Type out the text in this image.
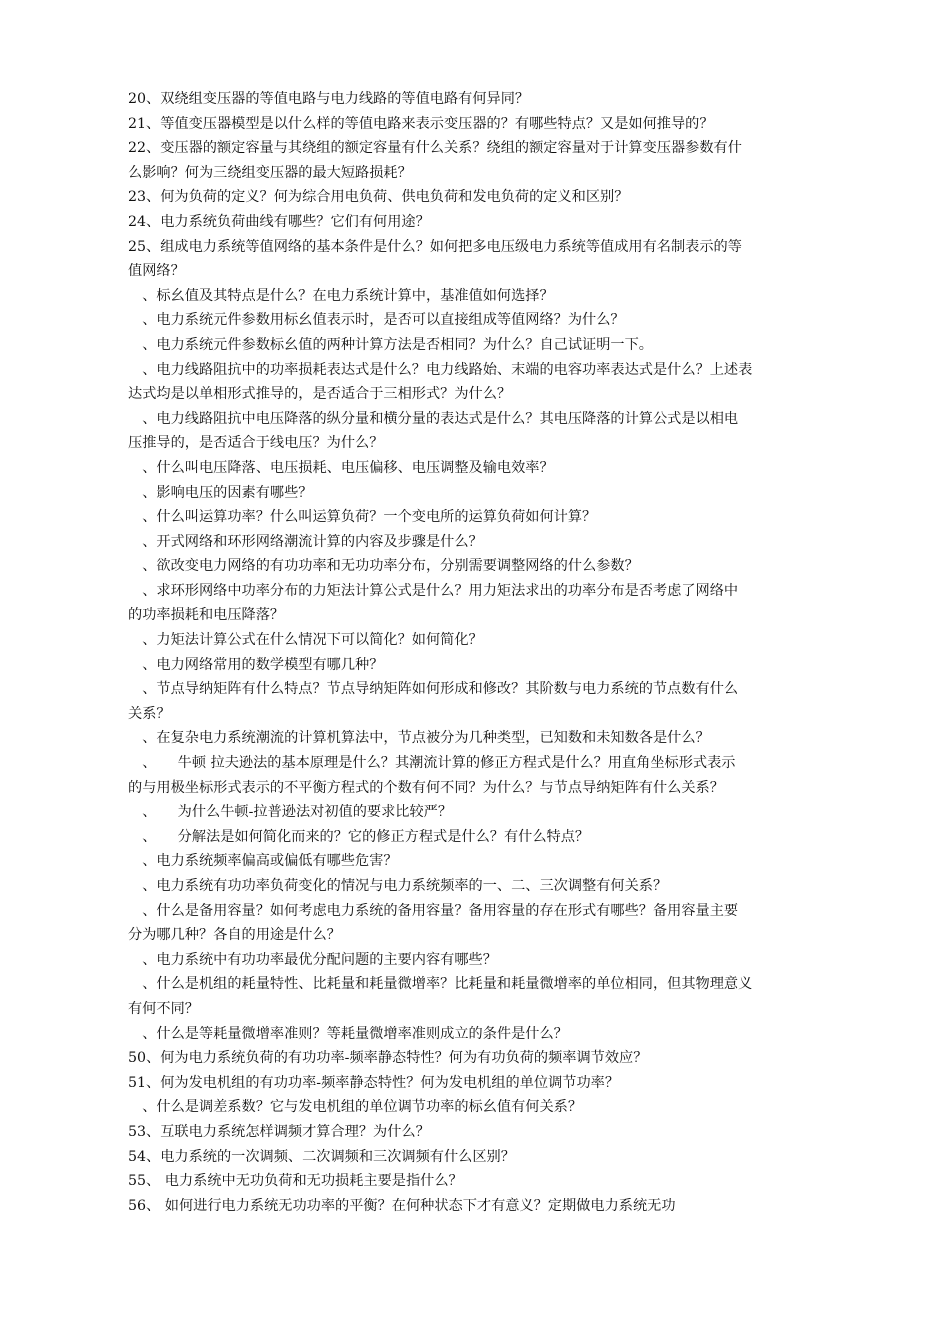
20、双绕组变压器的等值电路与电力线路的等值电路有何异同？
21、等值变压器模型是以什么样的等值电路来表示变压器的？有哪些特点？又是如何推导的？
22、变压器的额定容量与其绕组的额定容量有什么关系？绕组的额定容量对于计算变压器参数有什
么影响？何为三绕组变压器的最大短路损耗？
23、何为负荷的定义？何为综合用电负荷、供电负荷和发电负荷的定义和区别？
24、电力系统负荷曲线有哪些？它们有何用途？
25、组成电力系统等值网络的基本条件是什么？如何把多电压级电力系统等值成用有名制表示的等
值网络？
　、标幺值及其特点是什么？在电力系统计算中，基准值如何选择？
　、电力系统元件参数用标幺值表示时，是否可以直接组成等值网络？为什么？
　、电力系统元件参数标幺值的两种计算方法是否相同？为什么？自己试证明一下。
　、电力线路阻抗中的功率损耗表达式是什么？电力线路始、末端的电容功率表达式是什么？上述表
达式均是以单相形式推导的，是否适合于三相形式？为什么？
　、电力线路阻抗中电压降落的纵分量和横分量的表达式是什么？其电压降落的计算公式是以相电
压推导的，是否适合于线电压？为什么？
　、什么叫电压降落、电压损耗、电压偏移、电压调整及输电效率？
　、影响电压的因素有哪些？
　、什么叫运算功率？什么叫运算负荷？一个变电所的运算负荷如何计算？
　、开式网络和环形网络潮流计算的内容及步骤是什么？
　、欲改变电力网络的有功功率和无功功率分布，分别需要调整网络的什么参数？
　、求环形网络中功率分布的力矩法计算公式是什么？用力矩法求出的功率分布是否考虑了网络中
的功率损耗和电压降落？
　、力矩法计算公式在什么情况下可以简化？如何简化？
　、电力网络常用的数学模型有哪几种？
　、节点导纳矩阵有什么特点？节点导纳矩阵如何形成和修改？其阶数与电力系统的节点数有什么
关系？
　、在复杂电力系统潮流的计算机算法中，节点被分为几种类型，已知数和未知数各是什么？
　、　　牛顿 拉夫逊法的基本原理是什么？其潮流计算的修正方程式是什么？用直角坐标形式表示
的与用极坐标形式表示的不平衡方程式的个数有何不同？为什么？与节点导纳矩阵有什么关系？
　、　　为什么牛顿-拉普逊法对初值的要求比较严？
　、　　分解法是如何简化而来的？它的修正方程式是什么？有什么特点？
　、电力系统频率偏高或偏低有哪些危害？
　、电力系统有功功率负荷变化的情况与电力系统频率的一、二、三次调整有何关系？
　、什么是备用容量？如何考虑电力系统的备用容量？备用容量的存在形式有哪些？备用容量主要
分为哪几种？各自的用途是什么？
　、电力系统中有功功率最优分配问题的主要内容有哪些？
　、什么是机组的耗量特性、比耗量和耗量微增率？比耗量和耗量微增率的单位相同，但其物理意义
有何不同？
　、什么是等耗量微增率准则？等耗量微增率准则成立的条件是什么？
50、何为电力系统负荷的有功功率-频率静态特性？何为有功负荷的频率调节效应？
51、何为发电机组的有功功率-频率静态特性？何为发电机组的单位调节功率？
　、什么是调差系数？它与发电机组的单位调节功率的标幺值有何关系？
53、互联电力系统怎样调频才算合理？为什么？
54、电力系统的一次调频、二次调频和三次调频有什么区别？
55、 电力系统中无功负荷和无功损耗主要是指什么？
56、 如何进行电力系统无功功率的平衡？在何种状态下才有意义？定期做电力系统无功
